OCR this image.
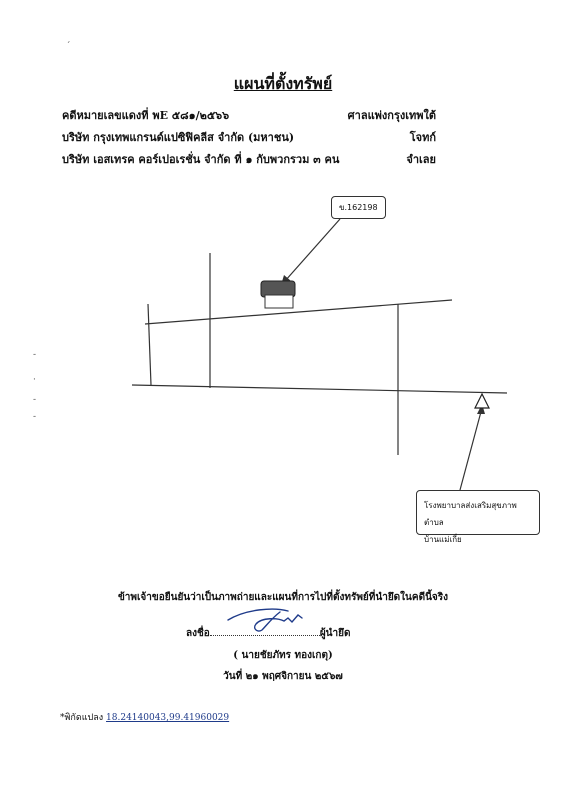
ˊ
แผนที่ตั้งทรัพย์
คดีหมายเลขแดงที่ พE ๕๘๑/๒๕๖๖	ศาลแพ่งกรุงเทพใต้
บริษัท กรุงเทพแกรนด์แปซิฟิคลีส จำกัด (มหาชน)	โจทก์
บริษัท เอสเทรค คอร์เปอเรชั่น จำกัด ที่ ๑ กับพวกรวม ๓ คน	จำเลย
ข.162198
โรงพยาบาลส่งเสริมสุขภาพตำบล
บ้านแม่เกี๋ย
-
·
-
-
ข้าพเจ้าขอยืนยันว่าเป็นภาพถ่ายและแผนที่การไปที่ตั้งทรัพย์ที่นำยึดในคดีนี้จริง
ลงชื่อ	ผู้นำยึด
( นายชัยภัทร ทองเกตุ)
วันที่ ๒๑ พฤศจิกายน ๒๕๖๗
*พิกัดแปลง 18.24140043,99.41960029
